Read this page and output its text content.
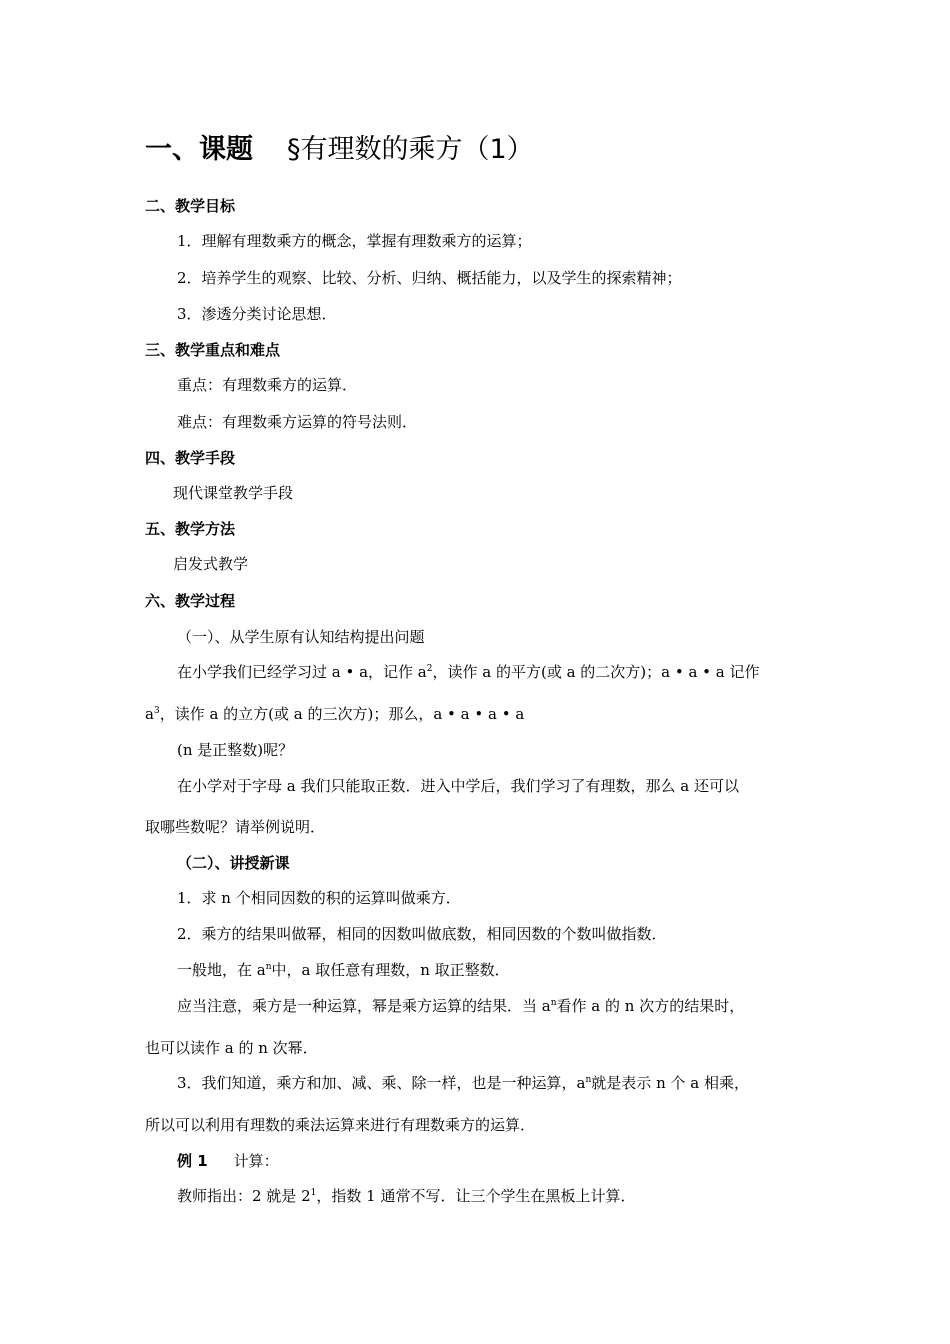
一、课题 §有理数的乘方（1）
二、教学目标
1．理解有理数乘方的概念，掌握有理数乘方的运算；
2．培养学生的观察、比较、分析、归纳、概括能力，以及学生的探索精神；
3．渗透分类讨论思想．
三、教学重点和难点
重点：有理数乘方的运算．
难点：有理数乘方运算的符号法则．
四、教学手段
现代课堂教学手段
五、教学方法
启发式教学
六、教学过程
（一）、从学生原有认知结构提出问题
在小学我们已经学习过 a • a，记作 $a^2$，读作 a 的平方(或 a 的二次方)；a • a • a 记作
$a^3$，读作 a 的立方(或 a 的三次方)；那么，a • a • a • a
(n 是正整数)呢？
在小学对于字母 a 我们只能取正数．进入中学后，我们学习了有理数，那么 a 还可以
取哪些数呢？请举例说明．
（二）、讲授新课
1．求 n 个相同因数的积的运算叫做乘方．
2．乘方的结果叫做幂，相同的因数叫做底数，相同因数的个数叫做指数．
一般地，在 $a^n$中，a 取任意有理数，n 取正整数．
应当注意，乘方是一种运算，幂是乘方运算的结果．当 $a^n$看作 a 的 n 次方的结果时，
也可以读作 a 的 n 次幂．
3．我们知道，乘方和加、减、乘、除一样，也是一种运算，$a^n$就是表示 n 个 a 相乘，
所以可以利用有理数的乘法运算来进行有理数乘方的运算．
例 1 计算：
教师指出：2 就是 $2^1$，指数 1 通常不写．让三个学生在黑板上计算．
